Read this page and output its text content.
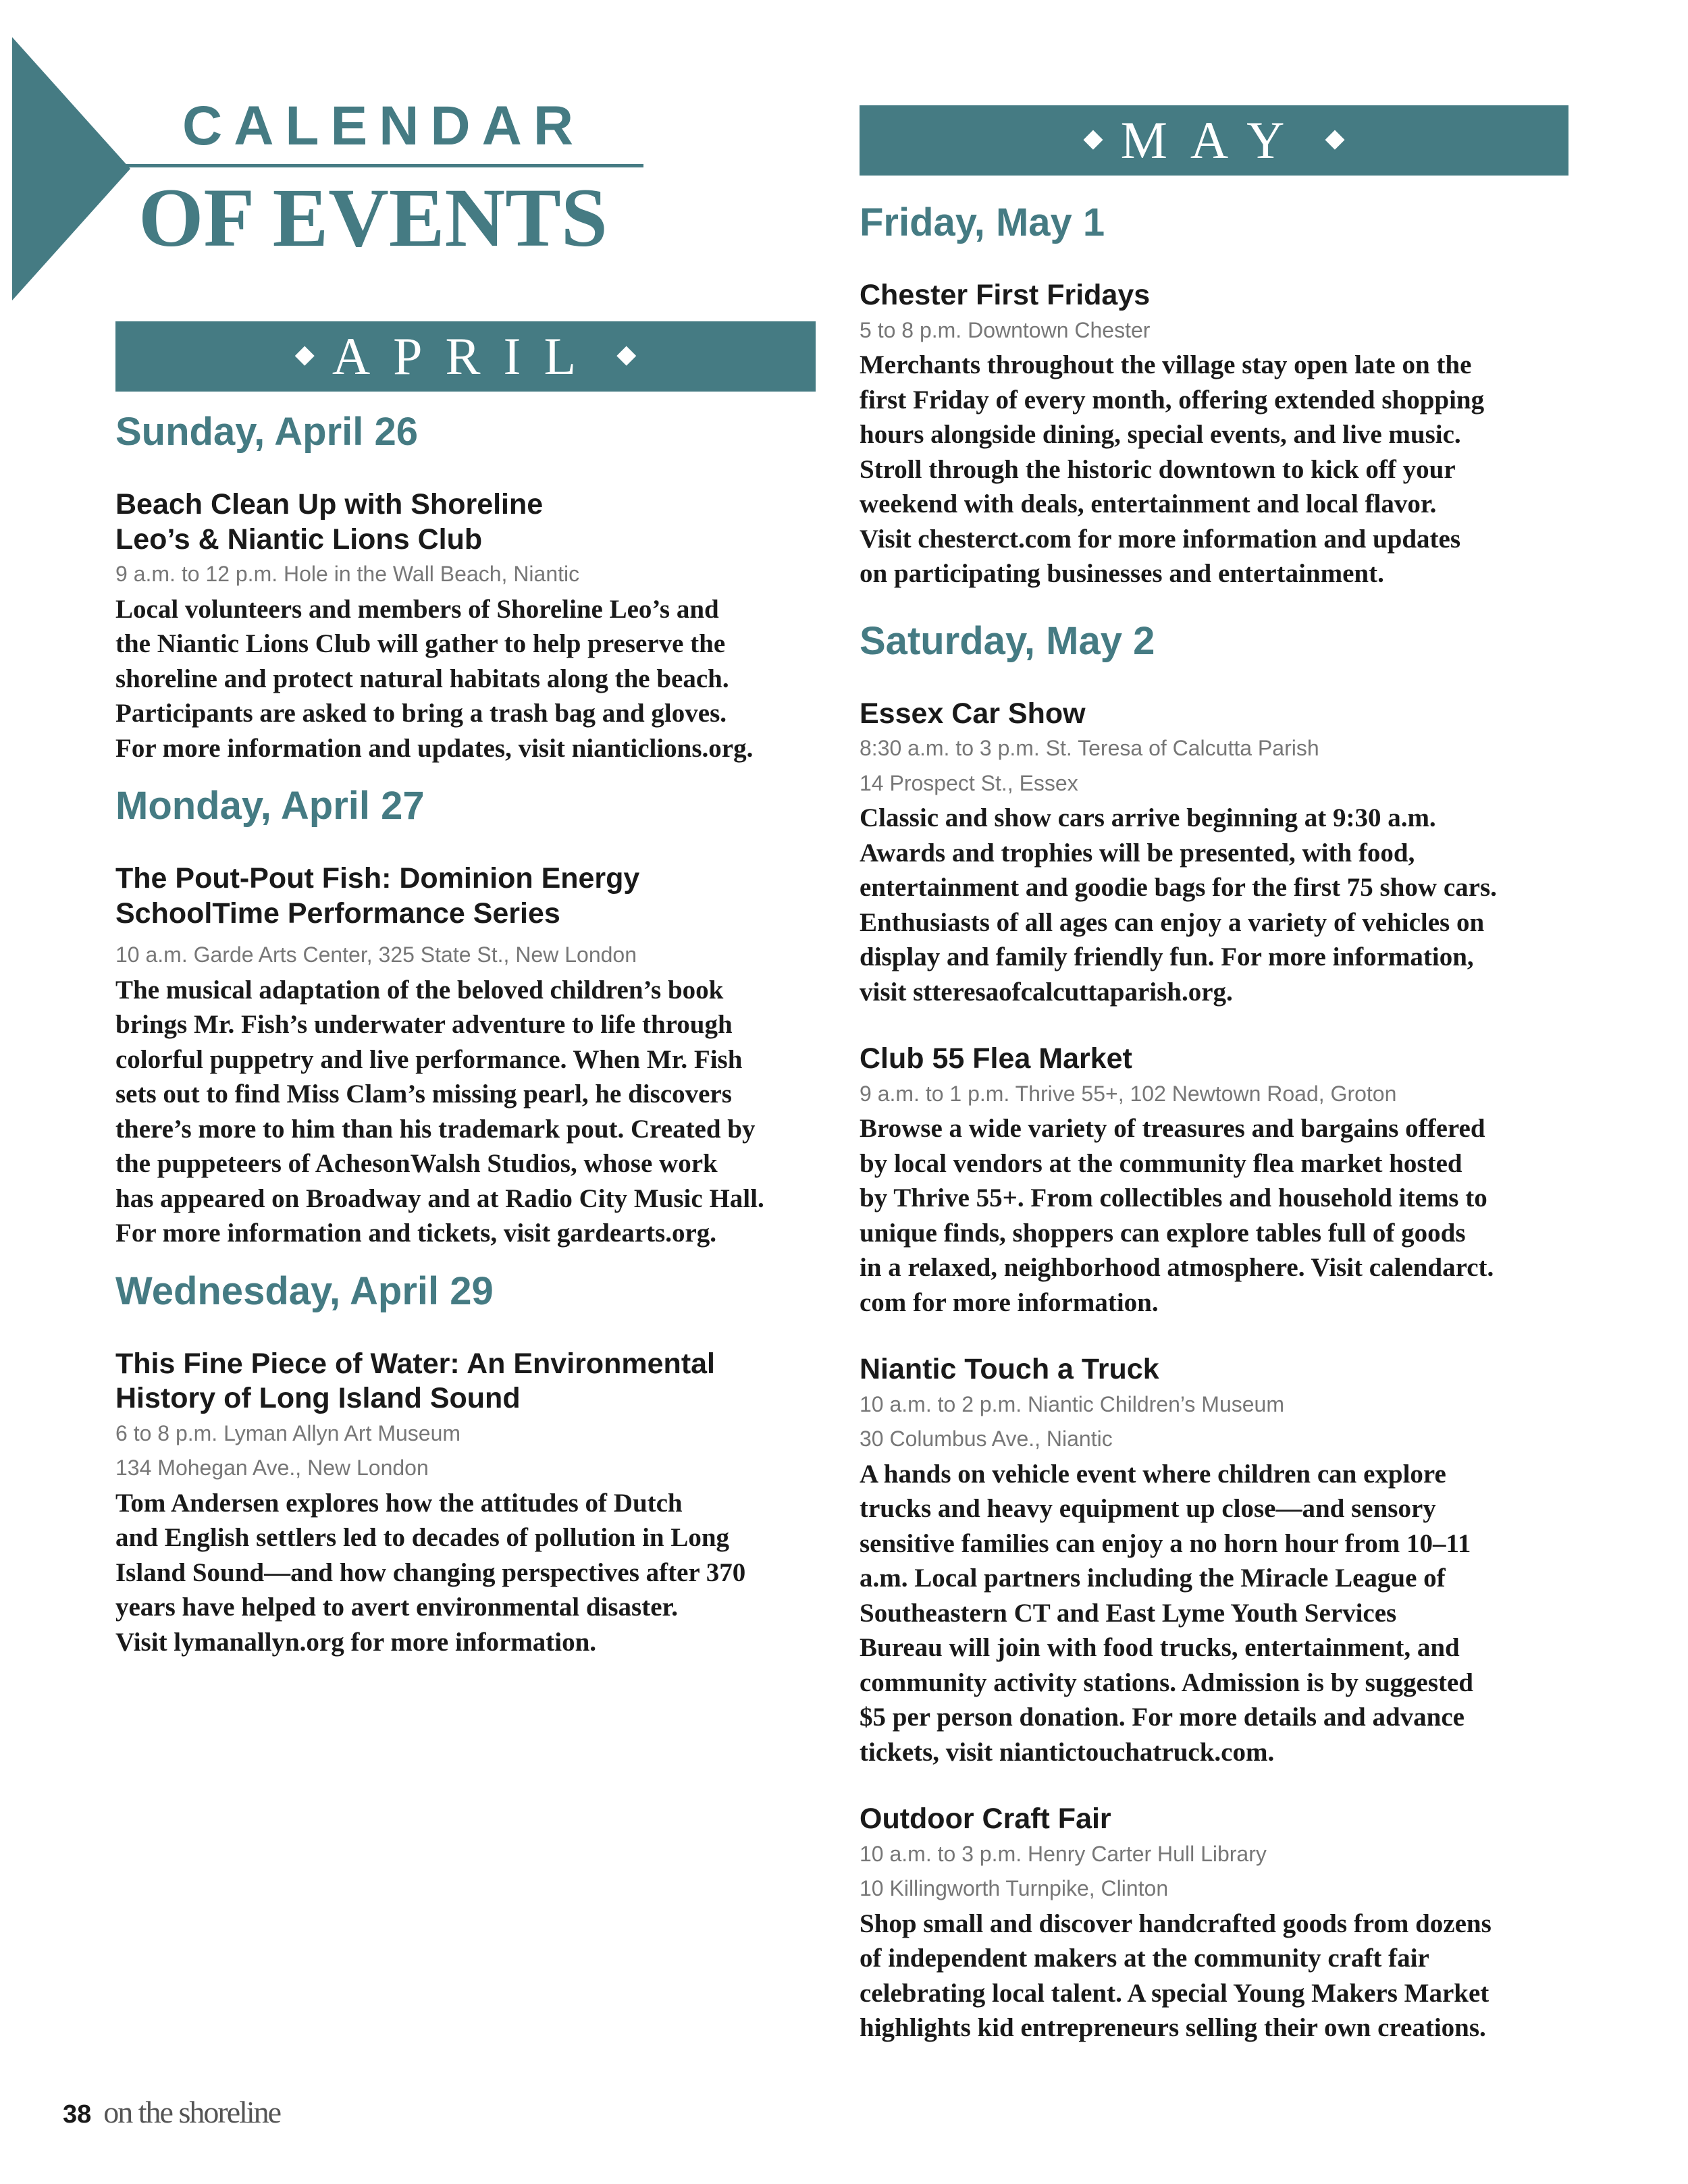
CALENDAR
OF EVENTS
◆ APRIL ◆
◆ MAY ◆
Sunday, April 26
Beach Clean Up with Shoreline
Leo’s & Niantic Lions Club
9 a.m. to 12 p.m. Hole in the Wall Beach, Niantic
Local volunteers and members of Shoreline Leo’s and
the Niantic Lions Club will gather to help preserve the
shoreline and protect natural habitats along the beach.
Participants are asked to bring a trash bag and gloves.
For more information and updates, visit nianticlions.org.
Monday, April 27
The Pout-Pout Fish: Dominion Energy
SchoolTime Performance Series
10 a.m. Garde Arts Center, 325 State St., New London
The musical adaptation of the beloved children’s book
brings Mr. Fish’s underwater adventure to life through
colorful puppetry and live performance. When Mr. Fish
sets out to find Miss Clam’s missing pearl, he discovers
there’s more to him than his trademark pout. Created by
the puppeteers of AchesonWalsh Studios, whose work
has appeared on Broadway and at Radio City Music Hall.
For more information and tickets, visit gardearts.org.
Wednesday, April 29
This Fine Piece of Water: An Environmental
History of Long Island Sound
6 to 8 p.m. Lyman Allyn Art Museum
134 Mohegan Ave., New London
Tom Andersen explores how the attitudes of Dutch
and English settlers led to decades of pollution in Long
Island Sound—and how changing perspectives after 370
years have helped to avert environmental disaster.
Visit lymanallyn.org for more information.
Friday, May 1
Chester First Fridays
5 to 8 p.m. Downtown Chester
Merchants throughout the village stay open late on the
first Friday of every month, offering extended shopping
hours alongside dining, special events, and live music.
Stroll through the historic downtown to kick off your
weekend with deals, entertainment and local flavor.
Visit chesterct.com for more information and updates
on participating businesses and entertainment.
Saturday, May 2
Essex Car Show
8:30 a.m. to 3 p.m. St. Teresa of Calcutta Parish
14 Prospect St., Essex
Classic and show cars arrive beginning at 9:30 a.m.
Awards and trophies will be presented, with food,
entertainment and goodie bags for the first 75 show cars.
Enthusiasts of all ages can enjoy a variety of vehicles on
display and family friendly fun. For more information,
visit stteresaofcalcuttaparish.org.
Club 55 Flea Market
9 a.m. to 1 p.m. Thrive 55+, 102 Newtown Road, Groton
Browse a wide variety of treasures and bargains offered
by local vendors at the community flea market hosted
by Thrive 55+. From collectibles and household items to
unique finds, shoppers can explore tables full of goods
in a relaxed, neighborhood atmosphere. Visit calendarct.
com for more information.
Niantic Touch a Truck
10 a.m. to 2 p.m. Niantic Children’s Museum
30 Columbus Ave., Niantic
A hands on vehicle event where children can explore
trucks and heavy equipment up close—and sensory
sensitive families can enjoy a no horn hour from 10–11
a.m. Local partners including the Miracle League of
Southeastern CT and East Lyme Youth Services
Bureau will join with food trucks, entertainment, and
community activity stations. Admission is by suggested
$5 per person donation. For more details and advance
tickets, visit niantictouchatruck.com.
Outdoor Craft Fair
10 a.m. to 3 p.m. Henry Carter Hull Library
10 Killingworth Turnpike, Clinton
Shop small and discover handcrafted goods from dozens
of independent makers at the community craft fair
celebrating local talent. A special Young Makers Market
highlights kid entrepreneurs selling their own creations.
38 on the shoreline
